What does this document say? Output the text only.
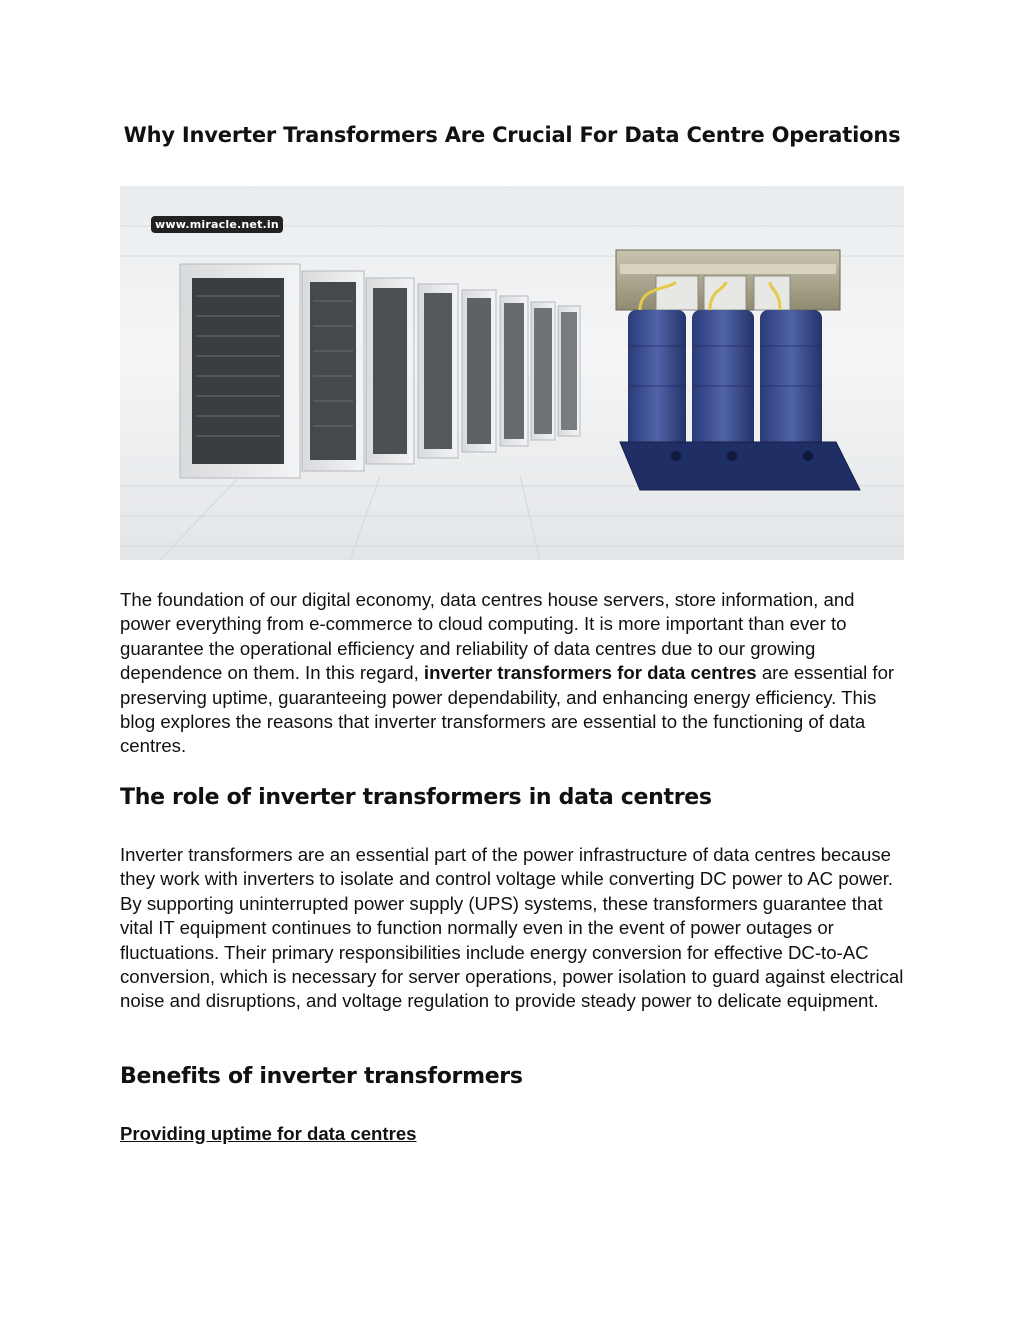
Why Inverter Transformers Are Crucial For Data Centre Operations
www.miracle.net.in

The foundation of our digital economy, data centres house servers, store information, and power everything from e-commerce to cloud computing. It is more important than ever to guarantee the operational efficiency and reliability of data centres due to our growing dependence on them. In this regard, inverter transformers for data centres are essential for preserving uptime, guaranteeing power dependability, and enhancing energy efficiency. This blog explores the reasons that inverter transformers are essential to the functioning of data centres.

The role of inverter transformers in data centres

Inverter transformers are an essential part of the power infrastructure of data centres because they work with inverters to isolate and control voltage while converting DC power to AC power. By supporting uninterrupted power supply (UPS) systems, these transformers guarantee that vital IT equipment continues to function normally even in the event of power outages or fluctuations. Their primary responsibilities include energy conversion for effective DC-to-AC conversion, which is necessary for server operations, power isolation to guard against electrical noise and disruptions, and voltage regulation to provide steady power to delicate equipment.

Benefits of inverter transformers
Providing uptime for data centres
